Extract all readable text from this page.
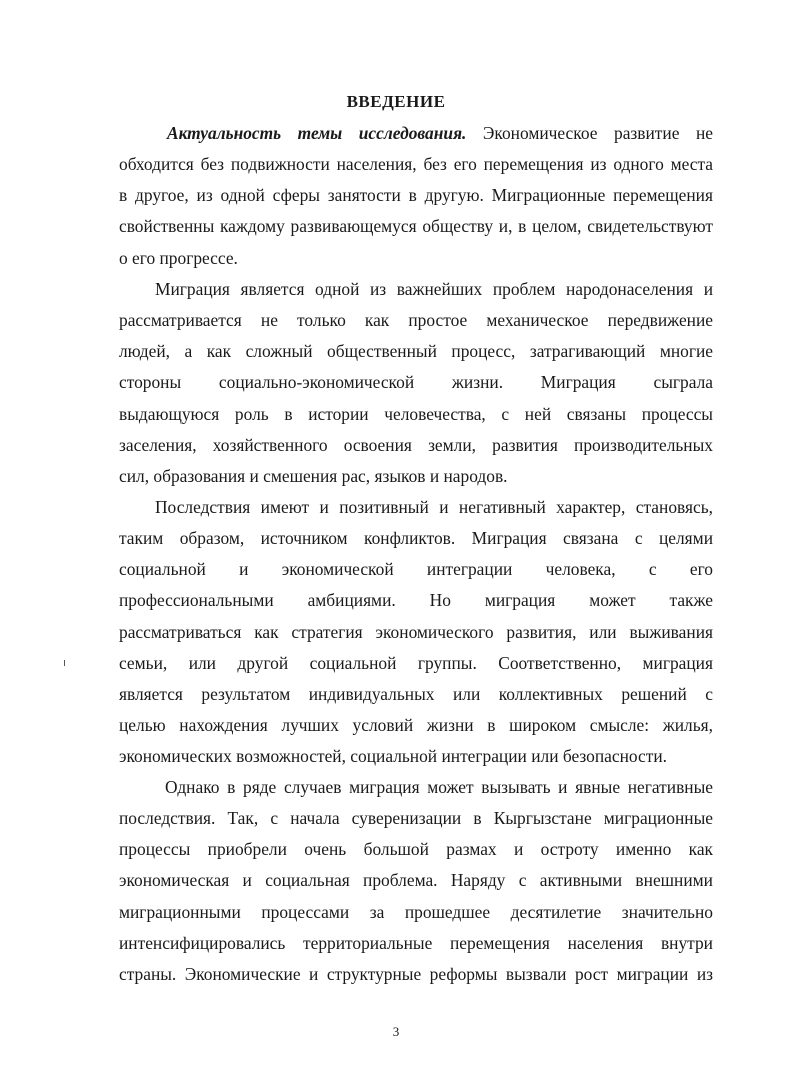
ВВЕДЕНИЕ
Актуальность темы исследования. Экономическое развитие не
обходится без подвижности населения, без его перемещения из одного места
в другое, из одной сферы занятости в другую. Миграционные перемещения
свойственны каждому развивающемуся обществу и, в целом, свидетельствуют
о его прогрессе.
Миграция является одной из важнейших проблем народонаселения и
рассматривается не только как простое механическое передвижение
людей, а как сложный общественный процесс, затрагивающий многие
стороны социально-экономической жизни. Миграция сыграла
выдающуюся роль в истории человечества, с ней связаны процессы
заселения, хозяйственного освоения земли, развития производительных
сил, образования и смешения рас, языков и народов.
Последствия имеют и позитивный и негативный характер, становясь,
таким образом, источником конфликтов. Миграция связана с целями
социальной и экономической интеграции человека, с его
профессиональными амбициями. Но миграция может также
рассматриваться как стратегия экономического развития, или выживания
семьи, или другой социальной группы. Соответственно, миграция
является результатом индивидуальных или коллективных решений с
целью нахождения лучших условий жизни в широком смысле: жилья,
экономических возможностей, социальной интеграции или безопасности.
Однако в ряде случаев миграция может вызывать и явные негативные
последствия. Так, с начала суверенизации в Кыргызстане миграционные
процессы приобрели очень большой размах и остроту именно как
экономическая и социальная проблема. Наряду с активными внешними
миграционными процессами за прошедшее десятилетие значительно
интенсифицировались территориальные перемещения населения внутри
страны. Экономические и структурные реформы вызвали рост миграции из
3
